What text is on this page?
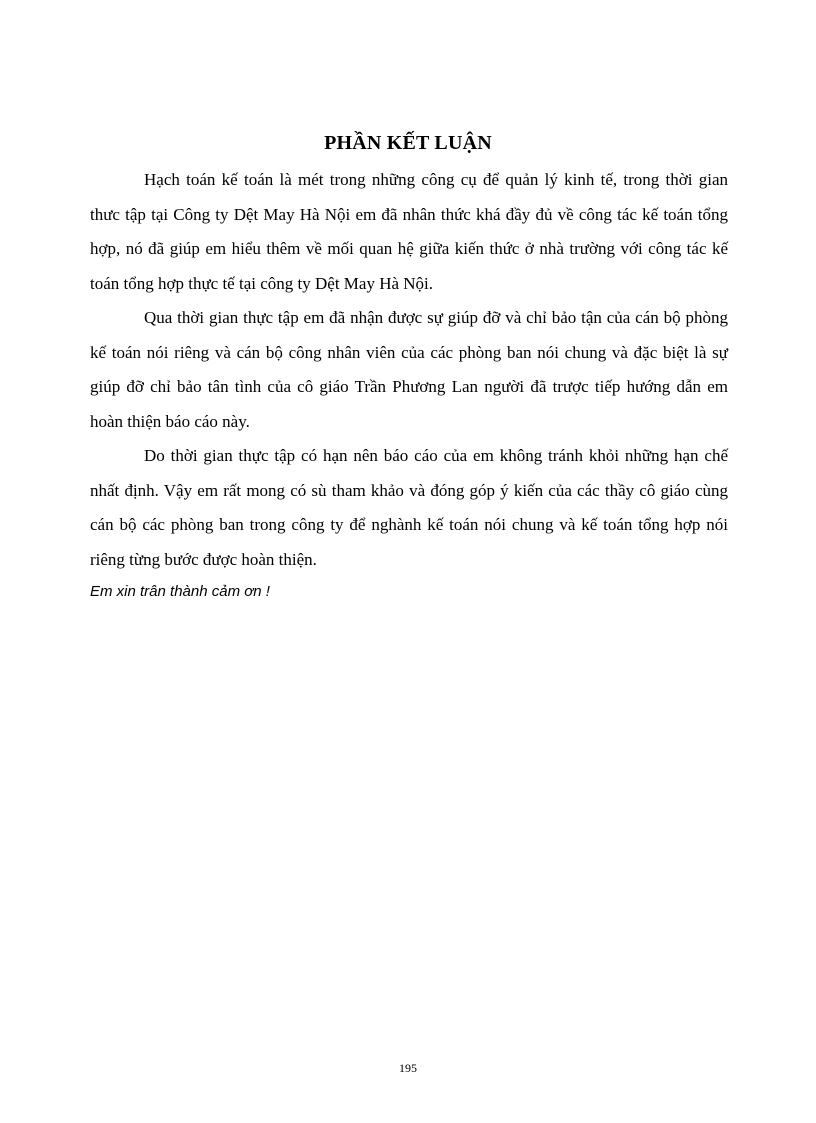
PHẦN KẾT LUẬN

Hạch toán kế toán là mét trong những công cụ để quản lý kinh tế, trong thời gian thưc tập tại Công ty Dệt May Hà Nội em đã nhân thức khá đầy đủ về công tác kế toán tổng hợp, nó đã giúp em hiểu thêm về mối quan hệ giữa kiến thức ở nhà trường với công tác kế toán tổng hợp thực tế tại công ty Dệt May Hà Nội.

Qua thời gian thực tập em đã nhận được sự giúp đỡ và chỉ bảo tận của cán bộ phòng kế toán nói riêng và cán bộ công nhân viên của các phòng ban nói chung và đặc biệt là sự giúp đỡ chỉ bảo tân tình của cô giáo Trần Phương Lan người đã trược tiếp hướng dẫn em hoàn thiện báo cáo này.

Do thời gian thực tập có hạn nên báo cáo của em không tránh khỏi những hạn chế nhất định. Vậy em rất mong có sù tham khảo và đóng góp ý kiến của các thầy cô giáo cùng cán bộ các phòng ban trong công ty để nghành kế toán nói chung và kế toán tổng hợp nói riêng từng bước được hoàn thiện.

Em xin trân thành cảm ơn !

195
